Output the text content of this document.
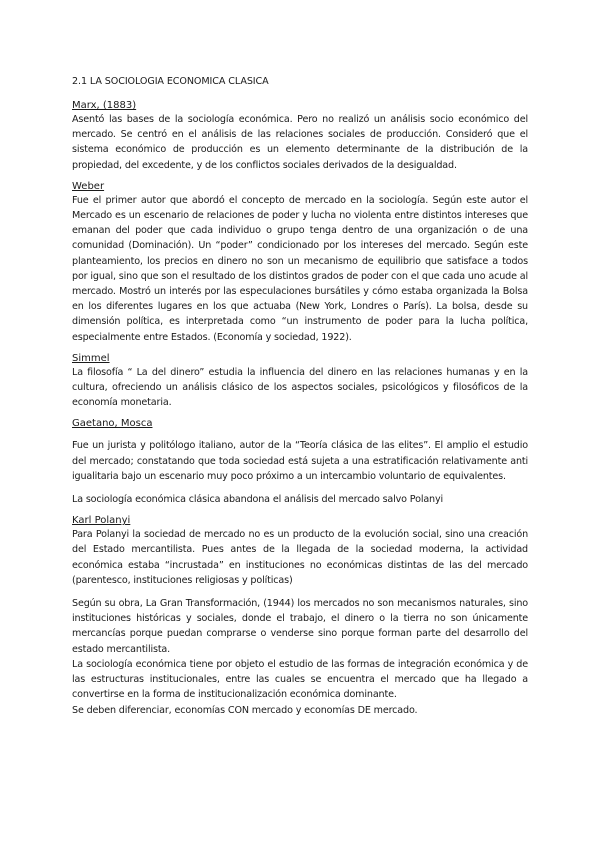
2.1 LA SOCIOLOGIA ECONOMICA CLASICA
Marx, (1883)

Asentó las bases de la sociología económica. Pero no realizó un análisis socio económico del mercado. Se centró en el análisis de las relaciones sociales de producción. Consideró que el sistema económico de producción es un elemento determinante de la distribución de la propiedad, del excedente, y de los conflictos sociales derivados de la desigualdad.

Weber

Fue el primer autor que abordó el concepto de mercado en la sociología. Según este autor el Mercado es un escenario de relaciones de poder y lucha no violenta entre distintos intereses que emanan del poder que cada individuo o grupo tenga dentro de una organización o de una comunidad (Dominación). Un “poder” condicionado por los intereses del mercado. Según este planteamiento, los precios en dinero no son un mecanismo de equilibrio que satisface a todos por igual, sino que son el resultado de los distintos grados de poder con el que cada uno acude al mercado. Mostró un interés por las especulaciones bursátiles y cómo estaba organizada la Bolsa en los diferentes lugares en los que actuaba (New York, Londres o París). La bolsa, desde su dimensión política, es interpretada como “un instrumento de poder para la lucha política, especialmente entre Estados. (Economía y sociedad, 1922).

Simmel

La filosofía “ La del dinero” estudia la influencia del dinero en las relaciones humanas y en la cultura, ofreciendo un análisis clásico de los aspectos sociales, psicológicos y filosóficos de la economía monetaria.

Gaetano, Mosca

Fue un jurista y politólogo italiano, autor de la “Teoría clásica de las elites”. El amplio el estudio del mercado; constatando que toda sociedad está sujeta a una estratificación relativamente anti igualitaria bajo un escenario muy poco próximo a un intercambio voluntario de equivalentes.

La sociología económica clásica abandona el análisis del mercado salvo Polanyi

Karl Polanyi

Para Polanyi la sociedad de mercado no es un producto de la evolución social, sino una creación del Estado mercantilista. Pues antes de la llegada de la sociedad moderna, la actividad económica estaba “incrustada” en instituciones no económicas distintas de las del mercado (parentesco, instituciones religiosas y políticas)

Según su obra, La Gran Transformación, (1944) los mercados no son mecanismos naturales, sino instituciones históricas y sociales, donde el trabajo, el dinero o la tierra no son únicamente mercancías porque puedan comprarse o venderse sino porque forman parte del desarrollo del estado mercantilista.

La sociología económica tiene por objeto el estudio de las formas de integración económica y de las estructuras institucionales, entre las cuales se encuentra el mercado que ha llegado a convertirse en la forma de institucionalización económica dominante.

Se deben diferenciar, economías CON mercado y economías DE mercado.
